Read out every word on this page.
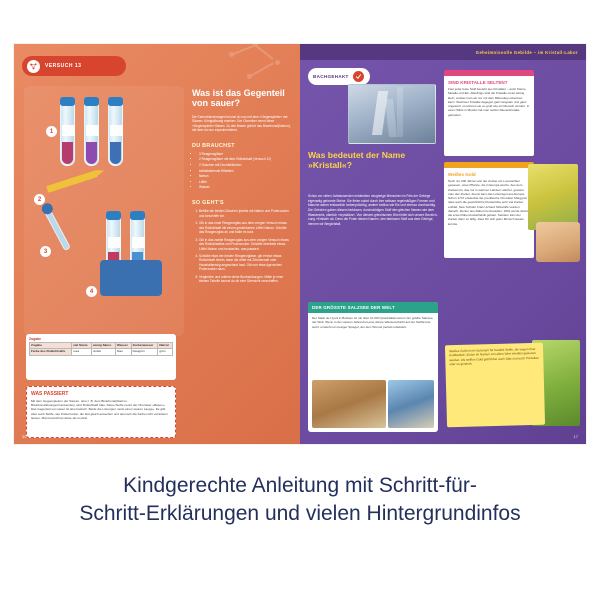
VERSUCH 13
1
2
3
4
Zugabe
Zugabe	viel Säure	wenig Säure	Wasser	Zuckerwasser	Natron
Farbe des Rotkohlsafts	rosa	violett	blau	blaugrün	grün
WAS PASSIERT

Mit dem Gegenspielern der Säuren, also z. B. dem Bicarbonat(Natron-Bicarbonatlösungen/verwendet), wird Rotkohlsaft blau. Diese Stoffe nennt der Chemiker »Basen«. Das Gegenteil von sauer ist also basisch. Beide die Lösungen meist einen sauren Lauge«. Es gibt aber auch Stoffe, wie Puderzucker, die fast gleich aussehen und dennoch die Farbe nicht verändern lassen. Man bezeichnet diese als neutral.

Was ist das Gegenteil von sauer?

Die Farbveränderungen kennst du nun mit dem »Gegenspieler« der Säuren: Königslösung machen. Der Chemiker nennt diese »Gegenspieler« Basen. Zu den Basen gehört das Bicarbonat(Natron), mit dem du nun experimentierst.

DU BRAUCHST
• 3 Reagenzgläser
• 2 Reagenzgläser mit dem Rotkohlsaft (Versuch 12)
• 2 Döschen mit Dochtkölbchen
• selbstklebende Etiketten
• Natron
• Löffel
• Wasser
SO GEHT'S
1. Befülle die beiden Döschen jeweils mit Natron und Puderzucker und beschrifte sie.
2. Gib in das erste Reagenzglas aus dem vorigen Versuch etwas des Rotkohlsaft mit einem gestrichenen Löffel Natron. Schütte das Reagenzglas an und halte es kurz.
3. Gib in das zweite Reagenzglas aus dem vorigen Versuch etwas des Rotkohlsaftes und Puderzucker. Schüttle ebenfalls etwas Löffel Natron und beobachte, was passiert.
4. Schüttle etwa der beiden Reagenzgläser, gib erneut etwas Rotkohlsaft hinein, dann die dritte mit Zitronensaft oder Haushaltsessig angeschaut hast. Gib nun etwa Agenzchen Puderzucker dazu.
5. Vergleiche und notiere deine Beobachtungen. Mittel je einer kleinen Tabelle kannst du dir eine Übersicht verschaffen.
30
Geheimnisvolle Gebilde – im Kristall-Labor
BACHGEHAKT
Was bedeutet der Name »Kristall«?
Schon vor vielen Jahrtausenden entdeckten neugierige Menschen im Fels der Gebirge eigenartig geformte Steine. Sie fielen sofort durch ihre seltsam regelmäßigen Formen und Manche waren erstaunlich farbenprächtig, andere farblos wie Eis und ebenso durchsichtig. Die Griechen gaben diesem farblosen, durchsichtigen Stoff den gleichen Namen wie dem Wasserzeis, nämlich »crystallos«. Von diesem griechischen Wort leitet sich unsere Bezeichnung »Kristall« ab. Denn die Poten diesen Namen, den farblosen Stoff aus dem Gebirge, nennen wir Bergkristall.
DER GRÖSSTE SALZSEE DER WELT
Der Salar de Uyuni in Bolivien ist mit über 10 000 Quadratkilometern der größte Salzsee der Welt. Wenn in der nassen Jahreszeit eine dünne Wasserschicht auf der Salzkruste steht, entsteht ein riesiger Spiegel, der den Himmel perfekt reflektiert.
SIND KRISTALLE SELTEN?

Fast jeder feste Stoff besteht aus Kristallen – auch Steine, Metalle und Eis. Allerdings sind die Kristalle meist winzig klein, sodass man sie nur mit dem Mikroskop erkennen kann. Wachsen Kristalle dagegen ganz langsam und ganz ungestört, so können sie so groß wie ein Mensch werden. In einer Höhle in Mexiko hat man solche Riesenkristalle gefunden.

Weißes Gold

Noch vor 200 Jahren war der Zucker ein Luxusartikel gewesen, einer Pflanze, die in Europa wuchs. Aus dem Zuckerrohr, das nur in warmen Ländern wächst, gewann man den Zucker. Zuerst kam das Lebensgut aus Europa. Schon 1747 entdeckte der preußische Chemiker Marggraf, dass auch die gewöhnliche Runkelrübe sehr viel Zucker enthält. Sein Schüler Franz Achard hilfsstoffe wurden danach, Zucker aus Rüben herzustellen. 1801 wurde damit die erste Rübenzuckerfabrik gebaut. Seitdem kam der Zucker dann so billig, dass ihn sich jeder Mensch leisten konnte.

Weißes Gold ist ein Synonym für Kandisl Stoffe, die wegen ihrer Kostbarkeit »Gold« im Namen von allem Wert erhalten gewesen wurden. Als weißes Gold galt früher auch Salz und auch Porzellan oder so genannt.

17
Kindgerechte Anleitung mit Schritt-für-
Schritt-Erklärungen und vielen Hintergrundinfos
